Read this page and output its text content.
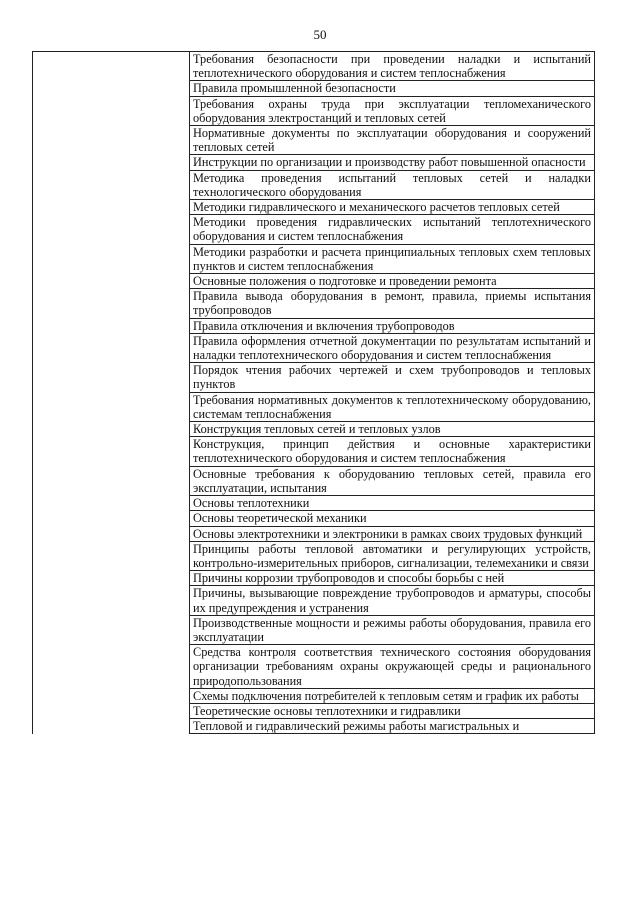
50
	Требования безопасности при проведении наладки и испытаний теплотехнического оборудования и систем теплоснабжения
Правила промышленной безопасности
Требования охраны труда при эксплуатации тепломеханического оборудования электростанций и тепловых сетей
Нормативные документы по эксплуатации оборудования и сооружений тепловых сетей
Инструкции по организации и производству работ повышенной опасности
Методика проведения испытаний тепловых сетей и наладки технологического оборудования
Методики гидравлического и механического расчетов тепловых сетей
Методики проведения гидравлических испытаний теплотехнического оборудования и систем теплоснабжения
Методики разработки и расчета принципиальных тепловых схем тепловых пунктов и систем теплоснабжения
Основные положения о подготовке и проведении ремонта
Правила вывода оборудования в ремонт, правила, приемы испытания трубопроводов
Правила отключения и включения трубопроводов
Правила оформления отчетной документации по результатам испытаний и наладки теплотехнического оборудования и систем теплоснабжения
Порядок чтения рабочих чертежей и схем трубопроводов и тепловых пунктов
Требования нормативных документов к теплотехническому оборудованию, системам теплоснабжения
Конструкция тепловых сетей и тепловых узлов
Конструкция, принцип действия и основные характеристики теплотехнического оборудования и систем теплоснабжения
Основные требования к оборудованию тепловых сетей, правила его эксплуатации, испытания
Основы теплотехники
Основы теоретической механики
Основы электротехники и электроники в рамках своих трудовых функций
Принципы работы тепловой автоматики и регулирующих устройств, контрольно-измерительных приборов, сигнализации, телемеханики и связи
Причины коррозии трубопроводов и способы борьбы с ней
Причины, вызывающие повреждение трубопроводов и арматуры, способы их предупреждения и устранения
Производственные мощности и режимы работы оборудования, правила его эксплуатации
Средства контроля соответствия технического состояния оборудования организации требованиям охраны окружающей среды и рационального природопользования
Схемы подключения потребителей к тепловым сетям и график их работы
Теоретические основы теплотехники и гидравлики
Тепловой и гидравлический режимы работы магистральных и
